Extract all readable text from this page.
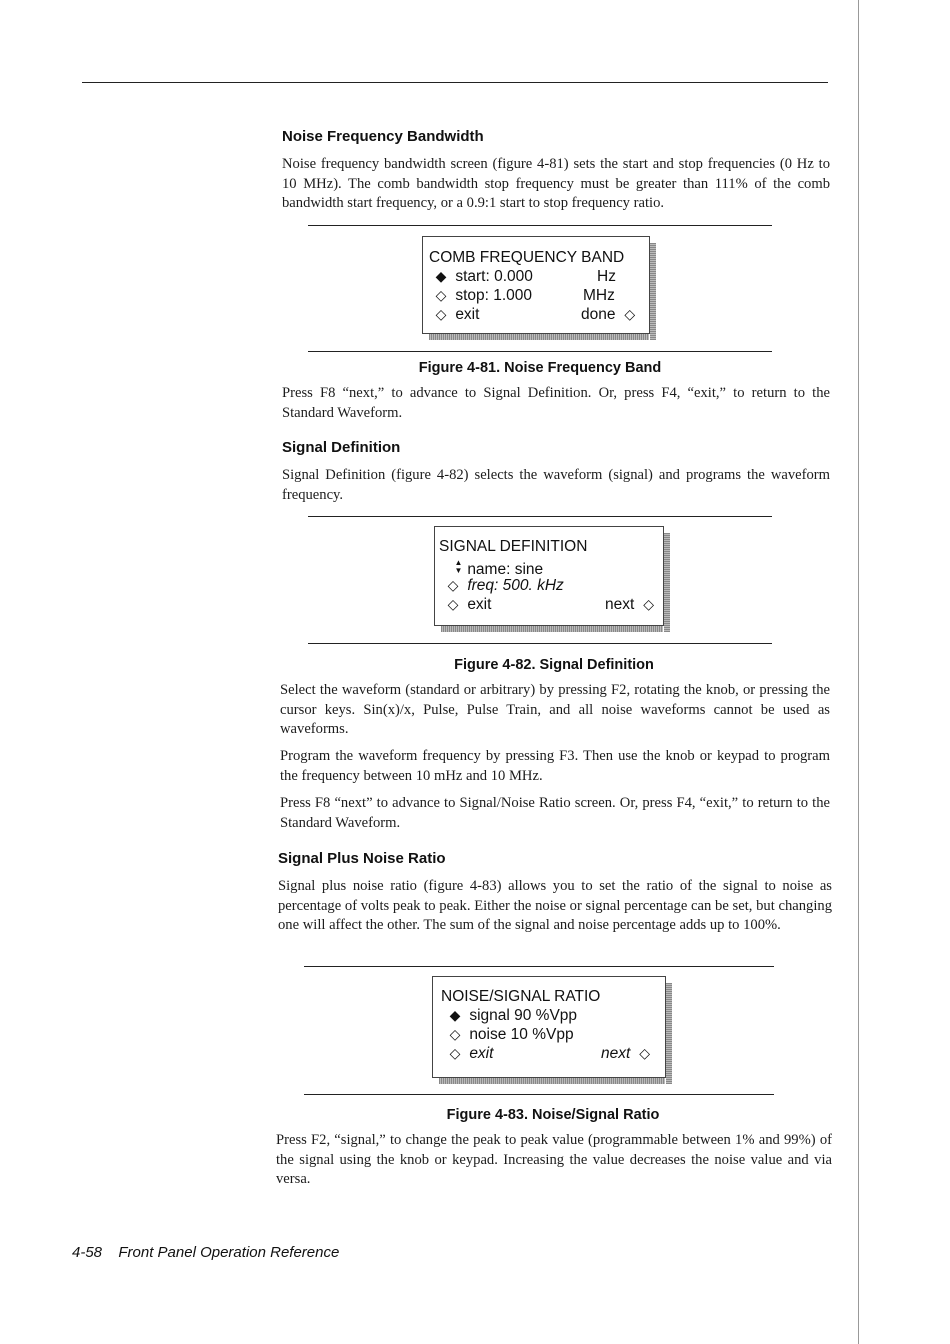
Noise Frequency Bandwidth
Noise frequency bandwidth screen (figure 4-81) sets the start and stop frequencies (0 Hz to 10 MHz). The comb bandwidth stop frequency must be greater than 111% of the comb bandwidth start frequency, or a 0.9:1 start to stop frequency ratio.
COMB FREQUENCY BAND
◆ start: 0.000	Hz
◇ stop: 1.000	MHz
◇ exit	done ◇
Figure 4-81. Noise Frequency Band
Press F8 “next,” to advance to Signal Definition. Or, press F4, “exit,” to return to the Standard Waveform.
Signal Definition
Signal Definition (figure 4-82) selects the waveform (signal) and programs the waveform frequency.
SIGNAL DEFINITION
▲▼ name: sine
◇ freq: 500. kHz
◇ exit	next ◇
Figure 4-82. Signal Definition
Select the waveform (standard or arbitrary) by pressing F2, rotating the knob, or pressing the cursor keys. Sin(x)/x, Pulse, Pulse Train, and all noise waveforms cannot be used as waveforms.
Program the waveform frequency by pressing F3. Then use the knob or keypad to program the frequency between 10 mHz and 10 MHz.
Press F8 “next” to advance to Signal/Noise Ratio screen. Or, press F4, “exit,” to return to the Standard Waveform.
Signal Plus Noise Ratio
Signal plus noise ratio (figure 4-83) allows you to set the ratio of the signal to noise as percentage of volts peak to peak. Either the noise or signal percentage can be set, but changing one will affect the other. The sum of the signal and noise percentage adds up to 100%.
NOISE/SIGNAL RATIO
◆ signal 90 %Vpp
◇ noise 10 %Vpp
◇ exit	next ◇
Figure 4-83. Noise/Signal Ratio
Press F2, “signal,” to change the peak to peak value (programmable between 1% and 99%) of the signal using the knob or keypad. Increasing the value decreases the noise value and via versa.
4-58 Front Panel Operation Reference
